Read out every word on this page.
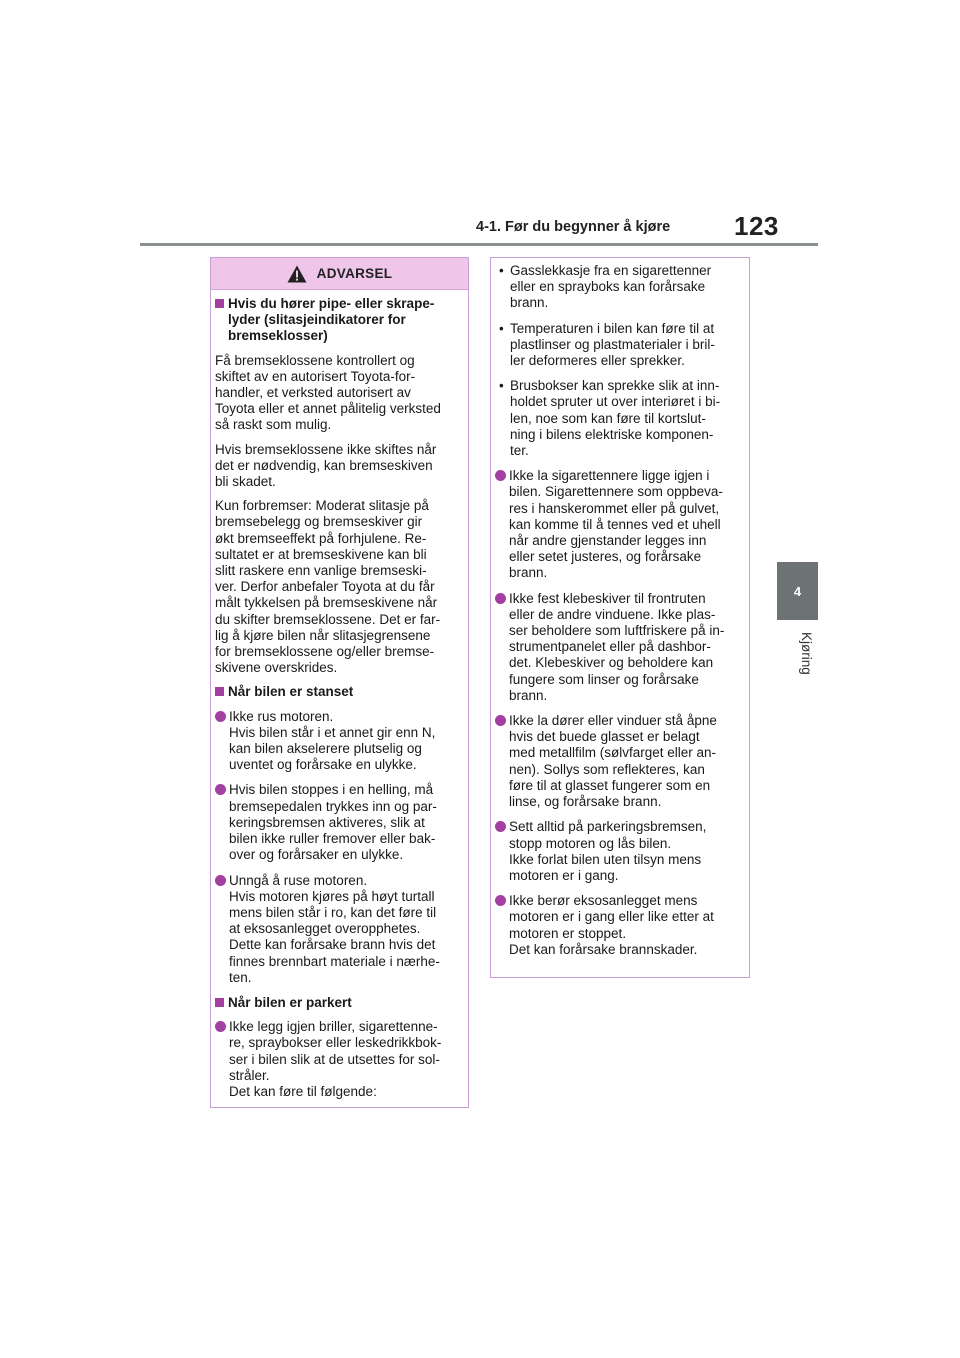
4-1. Før du begynner å kjøre 123
4
Kjøring
ADVARSEL
Hvis du hører pipe- eller skrape-
lyder (slitasjeindikatorer for
bremseklosser)
Få bremseklossene kontrollert og
skiftet av en autorisert Toyota-for-
handler, et verksted autorisert av
Toyota eller et annet pålitelig verksted
så raskt som mulig.
Hvis bremseklossene ikke skiftes når
det er nødvendig, kan bremseskiven
bli skadet.
Kun forbremser: Moderat slitasje på
bremsebelegg og bremseskiver gir
økt bremseeffekt på forhjulene. Re-
sultatet er at bremseskivene kan bli
slitt raskere enn vanlige bremseski-
ver. Derfor anbefaler Toyota at du får
målt tykkelsen på bremseskivene når
du skifter bremseklossene. Det er far-
lig å kjøre bilen når slitasjegrensene
for bremseklossene og/eller bremse-
skivene overskrides.
Når bilen er stanset
Ikke rus motoren.
Hvis bilen står i et annet gir enn N,
kan bilen akselerere plutselig og
uventet og forårsake en ulykke.
Hvis bilen stoppes i en helling, må
bremsepedalen trykkes inn og par-
keringsbremsen aktiveres, slik at
bilen ikke ruller fremover eller bak-
over og forårsaker en ulykke.
Unngå å ruse motoren.
Hvis motoren kjøres på høyt turtall
mens bilen står i ro, kan det føre til
at eksosanlegget overopphetes.
Dette kan forårsake brann hvis det
finnes brennbart materiale i nærhe-
ten.
Når bilen er parkert
Ikke legg igjen briller, sigarettenne-
re, spraybokser eller leskedrikkbok-
ser i bilen slik at de utsettes for sol-
stråler.
Det kan føre til følgende:
• Gasslekkasje fra en sigarettenner
eller en sprayboks kan forårsake
brann.
• Temperaturen i bilen kan føre til at
plastlinser og plastmaterialer i bril-
ler deformeres eller sprekker.
• Brusbokser kan sprekke slik at inn-
holdet spruter ut over interiøret i bi-
len, noe som kan føre til kortslut-
ning i bilens elektriske komponen-
ter.
Ikke la sigarettennere ligge igjen i
bilen. Sigarettennere som oppbeva-
res i hanskerommet eller på gulvet,
kan komme til å tennes ved et uhell
når andre gjenstander legges inn
eller setet justeres, og forårsake
brann.
Ikke fest klebeskiver til frontruten
eller de andre vinduene. Ikke plas-
ser beholdere som luftfriskere på in-
strumentpanelet eller på dashbor-
det. Klebeskiver og beholdere kan
fungere som linser og forårsake
brann.
Ikke la dører eller vinduer stå åpne
hvis det buede glasset er belagt
med metallfilm (sølvfarget eller an-
nen). Sollys som reflekteres, kan
føre til at glasset fungerer som en
linse, og forårsake brann.
Sett alltid på parkeringsbremsen,
stopp motoren og lås bilen.
Ikke forlat bilen uten tilsyn mens
motoren er i gang.
Ikke berør eksosanlegget mens
motoren er i gang eller like etter at
motoren er stoppet.
Det kan forårsake brannskader.
